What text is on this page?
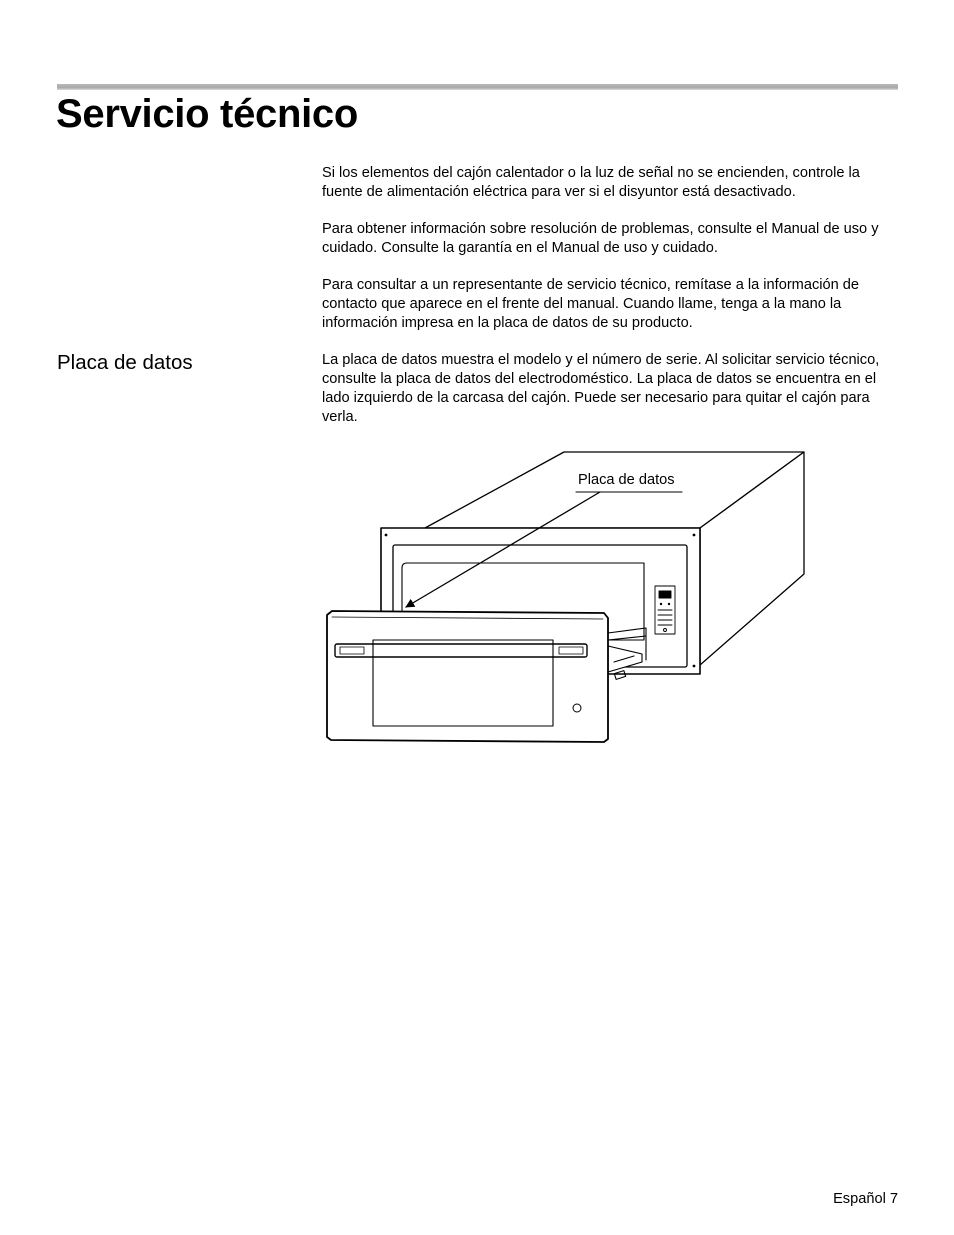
Servicio técnico

Si los elementos del cajón calentador o la luz de señal no se encienden, controle la fuente de alimentación eléctrica para ver si el disyuntor está desactivado.

Para obtener información sobre resolución de problemas, consulte el Manual de uso y cuidado. Consulte la garantía en el Manual de uso y cuidado.

Para consultar a un representante de servicio técnico, remítase a la información de contacto que aparece en el frente del manual. Cuando llame, tenga a la mano la información impresa en la placa de datos de su producto.

Placa de datos	La placa de datos muestra el modelo y el número de serie. Al solicitar servicio técnico, consulte la placa de datos del electrodoméstico. La placa de datos se encuentra en el lado izquierdo de la carcasa del cajón. Puede ser necesario para quitar el cajón para verla.

Placa de datos
Español 7
